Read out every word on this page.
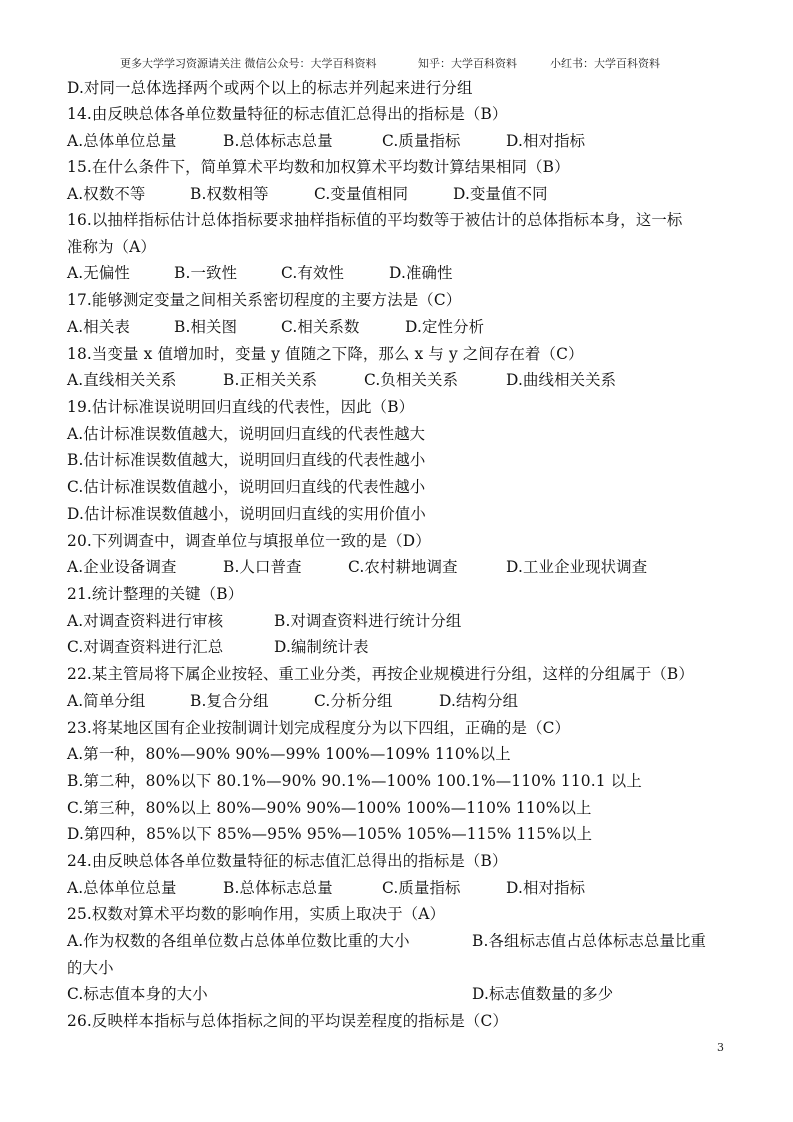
更多大学学习资源请关注 微信公众号：大学百科资料	知乎：大学百科资料	小红书：大学百科资料
D.对同一总体选择两个或两个以上的标志并列起来进行分组
14.由反映总体各单位数量特征的标志值汇总得出的指标是（B）
A.总体单位总量	B.总体标志总量	C.质量指标	D.相对指标
15.在什么条件下，简单算术平均数和加权算术平均数计算结果相同（B）
A.权数不等	B.权数相等	C.变量值相同	D.变量值不同
16.以抽样指标估计总体指标要求抽样指标值的平均数等于被估计的总体指标本身，这一标
准称为（A）
A.无偏性	B.一致性	C.有效性	D.准确性
17.能够测定变量之间相关系密切程度的主要方法是（C）
A.相关表	B.相关图	C.相关系数	D.定性分析
18.当变量 x 值增加时，变量 y 值随之下降，那么 x 与 y 之间存在着（C）
A.直线相关关系	B.正相关关系	C.负相关关系	D.曲线相关关系
19.估计标准误说明回归直线的代表性，因此（B）
A.估计标准误数值越大，说明回归直线的代表性越大
B.估计标准误数值越大，说明回归直线的代表性越小
C.估计标准误数值越小，说明回归直线的代表性越小
D.估计标准误数值越小，说明回归直线的实用价值小
20.下列调查中，调查单位与填报单位一致的是（D）
A.企业设备调查	B.人口普查	C.农村耕地调查	D.工业企业现状调查
21.统计整理的关键（B）
A.对调查资料进行审核	B.对调查资料进行统计分组
C.对调查资料进行汇总	D.编制统计表
22.某主管局将下属企业按轻、重工业分类，再按企业规模进行分组，这样的分组属于（B）
A.简单分组	B.复合分组	C.分析分组	D.结构分组
23.将某地区国有企业按制调计划完成程度分为以下四组，正确的是（C）
A.第一种，80%—90% 90%—99% 100%—109% 110%以上
B.第二种，80%以下 80.1%—90% 90.1%—100% 100.1%—110% 110.1 以上
C.第三种，80%以上 80%—90% 90%—100% 100%—110% 110%以上
D.第四种，85%以下 85%—95% 95%—105% 105%—115% 115%以上
24.由反映总体各单位数量特征的标志值汇总得出的指标是（B）
A.总体单位总量	B.总体标志总量	C.质量指标	D.相对指标
25.权数对算术平均数的影响作用，实质上取决于（A）
A.作为权数的各组单位数占总体单位数比重的大小	B.各组标志值占总体标志总量比重
的大小
C.标志值本身的大小	D.标志值数量的多少
26.反映样本指标与总体指标之间的平均误差程度的指标是（C）
3
